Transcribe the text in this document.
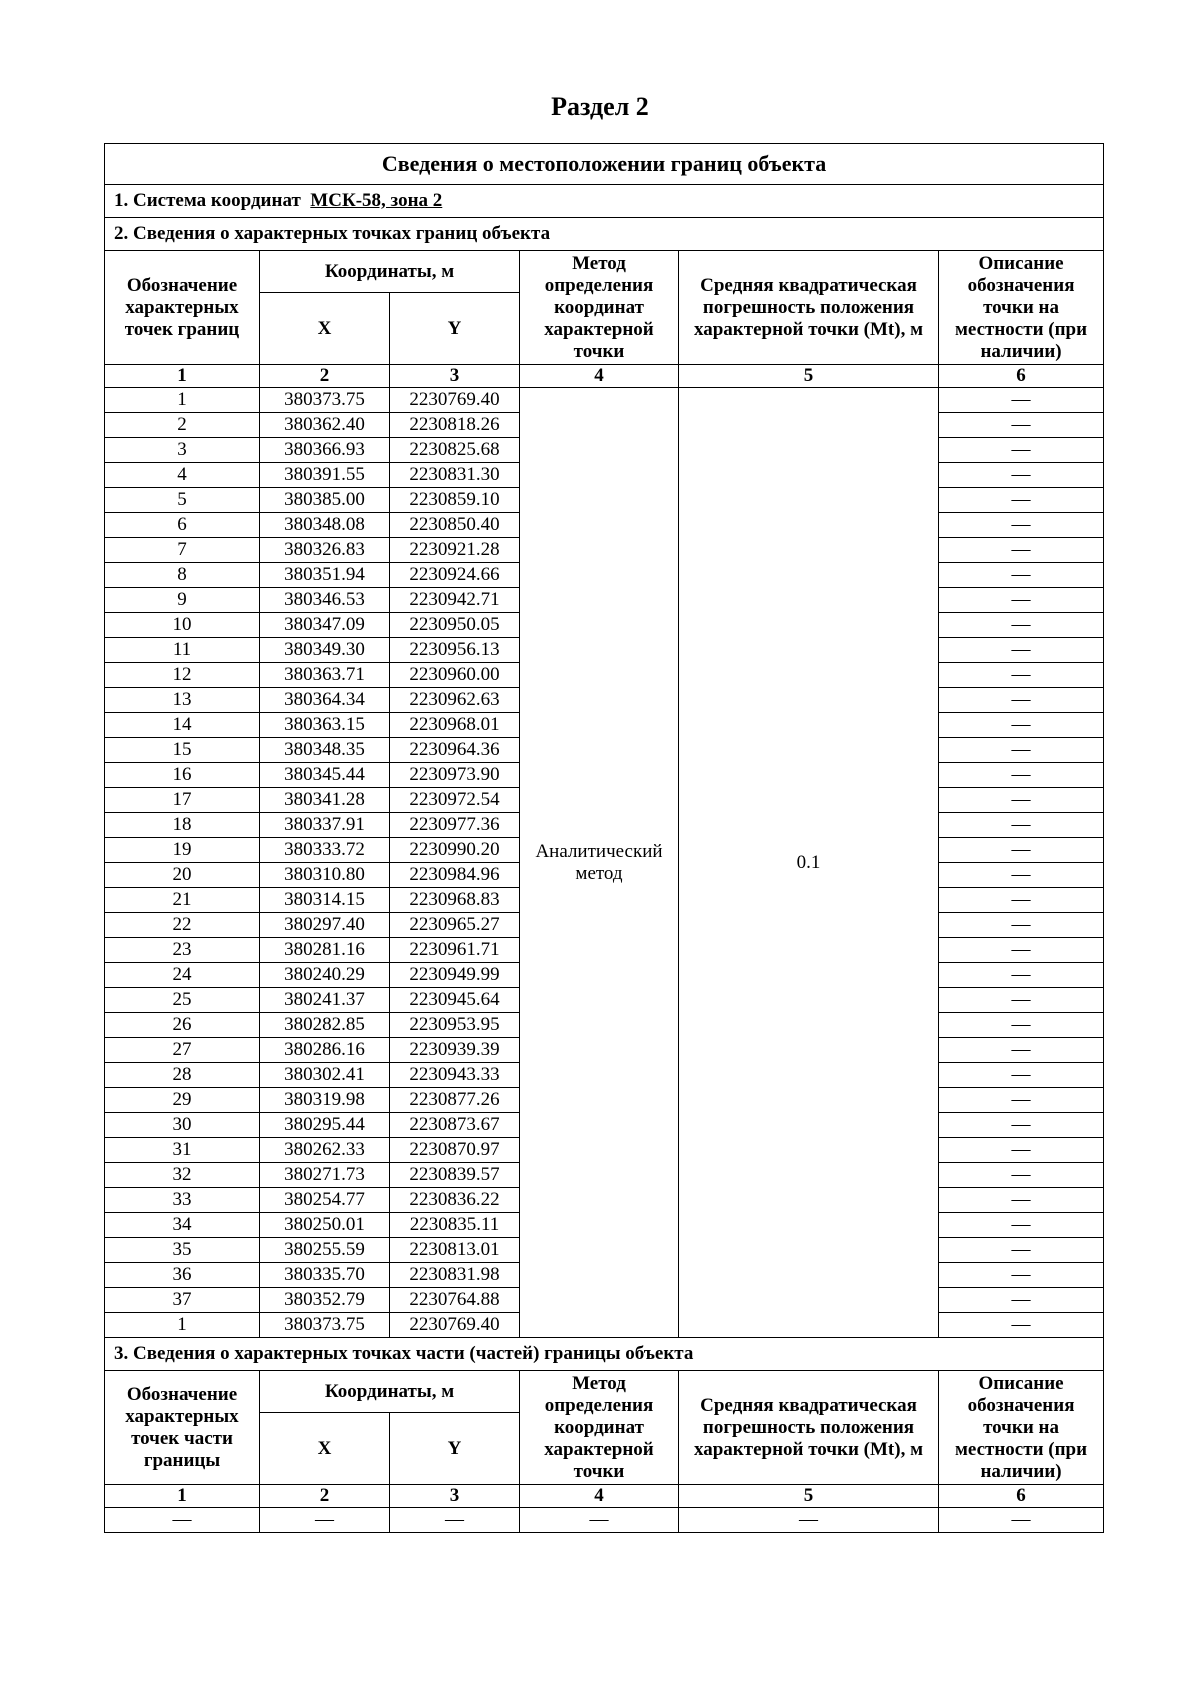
Раздел 2
Сведения о местоположении границ объекта					
1. Система координат МСК-58, зона 2					
2. Сведения о характерных точках границ объекта					
Обозначение характерных точек границ	Координаты, м		Метод определения координат характерной точки	Средняя квадратическая погрешность положения характерной точки (Mt), м	Описание обозначения точки на местности (при наличии)
	X	Y			
1	2	3	4	5	6
1	380373.75	2230769.40	Аналитический метод	0.1	—
2	380362.40	2230818.26			—
3	380366.93	2230825.68			—
4	380391.55	2230831.30			—
5	380385.00	2230859.10			—
6	380348.08	2230850.40			—
7	380326.83	2230921.28			—
8	380351.94	2230924.66			—
9	380346.53	2230942.71			—
10	380347.09	2230950.05			—
11	380349.30	2230956.13			—
12	380363.71	2230960.00			—
13	380364.34	2230962.63			—
14	380363.15	2230968.01			—
15	380348.35	2230964.36			—
16	380345.44	2230973.90			—
17	380341.28	2230972.54			—
18	380337.91	2230977.36			—
19	380333.72	2230990.20			—
20	380310.80	2230984.96			—
21	380314.15	2230968.83			—
22	380297.40	2230965.27			—
23	380281.16	2230961.71			—
24	380240.29	2230949.99			—
25	380241.37	2230945.64			—
26	380282.85	2230953.95			—
27	380286.16	2230939.39			—
28	380302.41	2230943.33			—
29	380319.98	2230877.26			—
30	380295.44	2230873.67			—
31	380262.33	2230870.97			—
32	380271.73	2230839.57			—
33	380254.77	2230836.22			—
34	380250.01	2230835.11			—
35	380255.59	2230813.01			—
36	380335.70	2230831.98			—
37	380352.79	2230764.88			—
1	380373.75	2230769.40			—
3. Сведения о характерных точках части (частей) границы объекта					
Обозначение характерных точек части границы	Координаты, м		Метод определения координат характерной точки	Средняя квадратическая погрешность положения характерной точки (Mt), м	Описание обозначения точки на местности (при наличии)
	X	Y			
1	2	3	4	5	6
—	—	—	—	—	—
